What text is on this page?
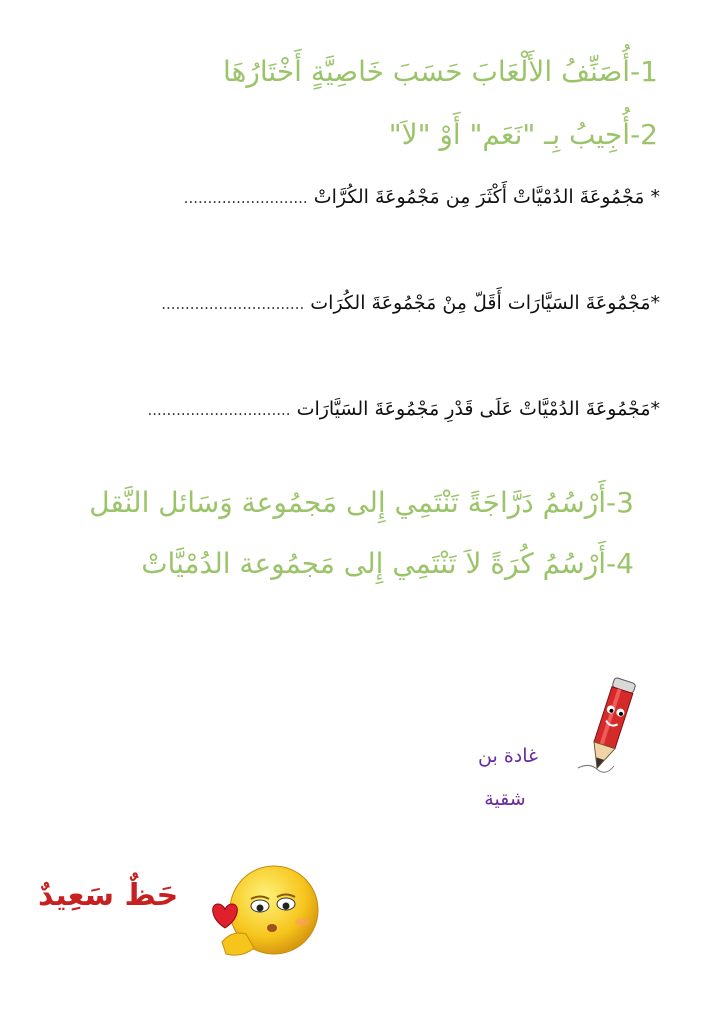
1-أُصَنِّفُ الأَلْعَابَ حَسَبَ خَاصِيَّةٍ أَخْتَارُهَا
2-أُجِيبُ بِـ "نَعَم" أَوْ "لاَ"
* مَجْمُوعَةَ الدُمْيَّاتْ أَكْثَرَ مِن مَجْمُوعَةَ الكُرَّاتْ ..........................
*مَجْمُوعَةَ السَيَّارَات أَقَلّ مِنْ مَجْمُوعَةَ الكُرَات ..............................
*مَجْمُوعَةَ الدُمْيَّاتْ عَلَى قَدْرِ مَجْمُوعَةَ السَيَّارَات ..............................
3-أَرْسُمُ دَرَّاجَةً تَنْتَمِي إِلى مَجمُوعة وَسَائل النَّقل
4-أَرْسُمُ كُرَةً لاَ تَنْتَمِي إِلى مَجمُوعة الدُمْيَّاتْ
غادة بن
شقية
حَظٌ سَعِيدٌ
